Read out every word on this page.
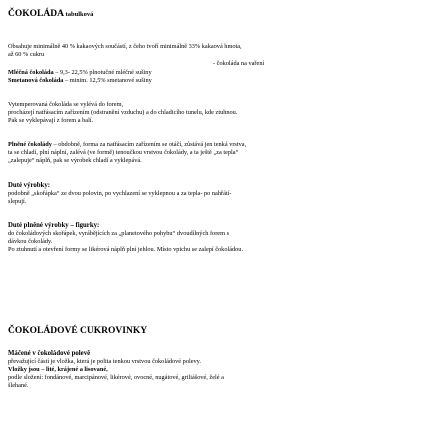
ČOKOLÁDA tabulková
Obsahuje minimálně 40 % kakaových součástí, z čeho tvoří minimálně 33% kakaová hmota,
až 60 % cukru
- čokoláda na vaření
Mléčná čokoláda – 9,3- 22,5% plnotučné mléčné sušiny
Smetanová čokoláda – minim. 12,5% smetanové sušiny
Vytemperovaná čokoláda se vylévá do forem,
procházejí natřásacím zařízením (odstranění vzduchu) a do chladicího tunelu, kde ztuhnou.
Pak se vyklepávají z forem a balí.
Plněné čokolády – obdobně, forma za natřásacím zařízením se otáčí, zůstává jen tenká vrstva,
ta se chladí, plní náplní, zalévá (ve formě) tenoučkou vrstvou čokolády, a ta ještě „za tepla“
„zalepuje“ náplň, pak se výrobek chladí a vyklepává.
Duté výrobky:
podobně „skořápka“ ze dvou polovin, po vychlazení se vyklepnou a za tepla- po nahřátí-
slepují.
Duté plněné výrobky – figurky:
do čokoládových skořápek, vyrábějících za „planetového pohybu“ dvoudílných forem s
dávkou čokolády.
Po ztuhnutí a otevření formy se likérová náplň plní jehlou. Místo vpichu se zalepí čokoládou.
ČOKOLÁDOVÉ CUKROVINKY
Máčené v čokoládové polevě
převažující částí je vložka, která je polita tenkou vrstvou čokoládové polevy.
Vložky jsou – lité, krájené a lisované,
podle složení: fondánové, marcipánové, likérové, ovocné, nugátové, griliášové, želé a
šlehané.
